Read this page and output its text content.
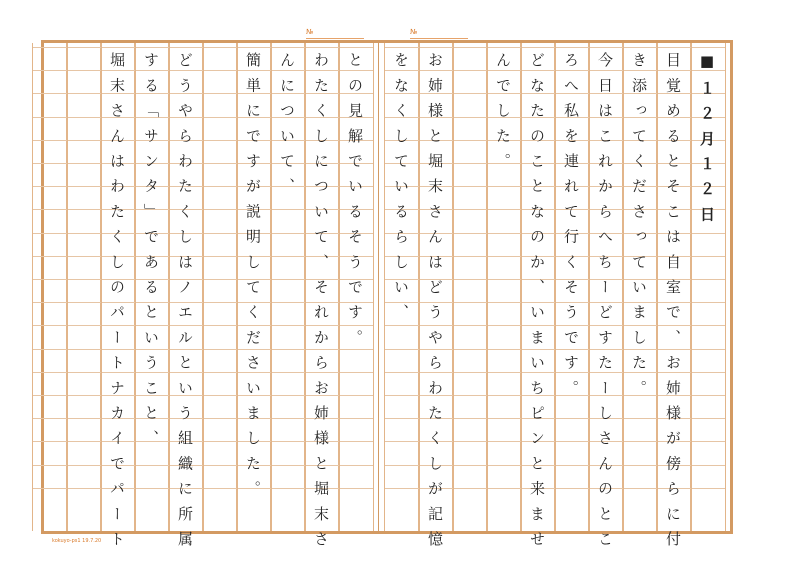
№	№
目覚めるとそこは自室で、お姉様が傍らに付
き添ってくださっていました。
今日はこれからへちーどすたーしさんのとこ
ろへ私を連れて行くそうです。
どなたのことなのか、いまいちピンと来ませ
んでした。
お姉様と堀末さんはどうやらわたくしが記憶
をなくしているらしい、
との見解でいるそうです。
わたくしについて、それからお姉様と堀末さ
んについて、
簡単にですが説明してくださいました。
どうやらわたくしはノエルという組織に所属
する「サンタ」であるということ、
堀末さんはわたくしのパートナカイでパート	■１２月１２日
kokuyo-ps1 19.7.20
